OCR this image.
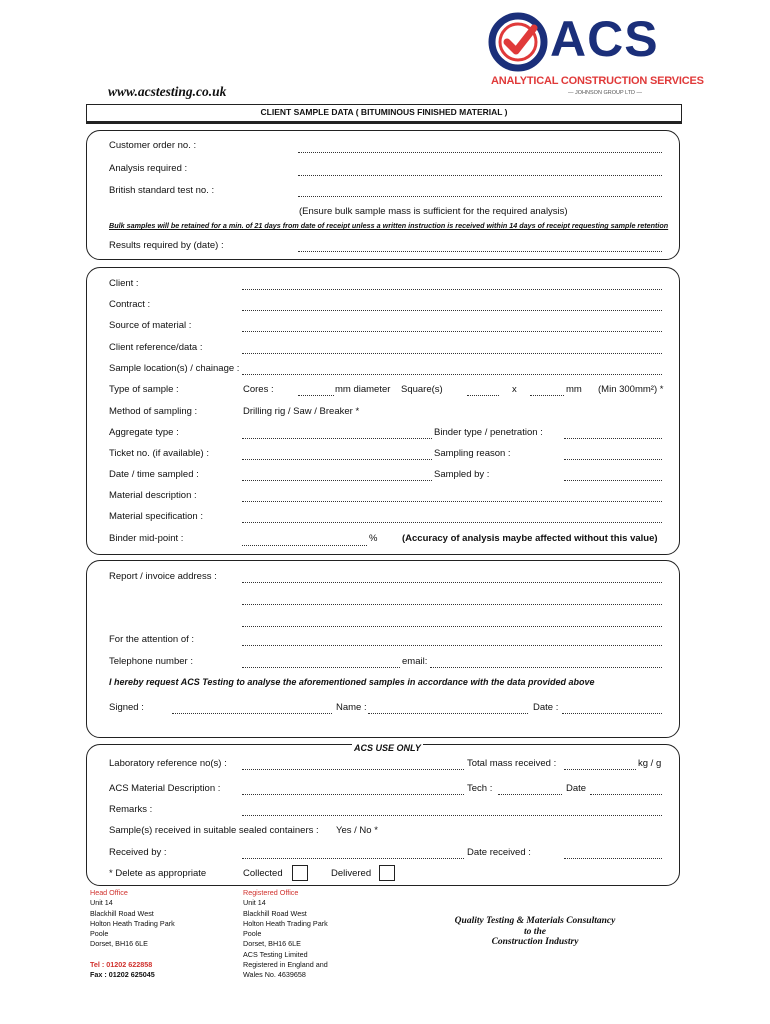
ACS
ANALYTICAL CONSTRUCTION SERVICES
— JOHNSON GROUP LTD —
www.acstesting.co.uk
CLIENT SAMPLE DATA ( BITUMINOUS FINISHED MATERIAL )
Customer order no. :
Analysis required :
British standard test no. :
(Ensure bulk sample mass is sufficient for the required analysis)
Bulk samples will be retained for a min. of 21 days from date of receipt unless a written instruction is received within 14 days of receipt requesting sample retention
Results required by (date) :
Client :
Contract :
Source of material :
Client reference/data :
Sample location(s) / chainage :
Type of sample :	Cores :	mm diameter Square(s)	x	mm (Min 300mm²) *
Method of sampling :	Drilling rig / Saw / Breaker *
Aggregate type :	Binder type / penetration :
Ticket no. (if available) :	Sampling reason :
Date / time sampled :	Sampled by :
Material description :
Material specification :
Binder mid-point :	%	(Accuracy of analysis maybe affected without this value)
Report / invoice address :
For the attention of :
Telephone number :	email:
I hereby request ACS Testing to analyse the aforementioned samples in accordance with the data provided above
Signed :	Name :	Date :
ACS USE ONLY
Laboratory reference no(s) :	Total mass received :	kg / g
ACS Material Description :	Tech :	Date
Remarks :
Sample(s) received in suitable sealed containers : Yes / No *
Received by :	Date received :
* Delete as appropriate	Collected	Delivered
Head Office
Unit 14
Blackhill Road West
Holton Heath Trading Park
Poole
Dorset, BH16 6LE
Tel : 01202 622858
Fax : 01202 625045
Registered Office
Unit 14
Blackhill Road West
Holton Heath Trading Park
Poole
Dorset, BH16 6LE
ACS Testing Limited
Registered in England and
Wales No. 4639658
Quality Testing & Materials Consultancy
to the
Construction Industry
